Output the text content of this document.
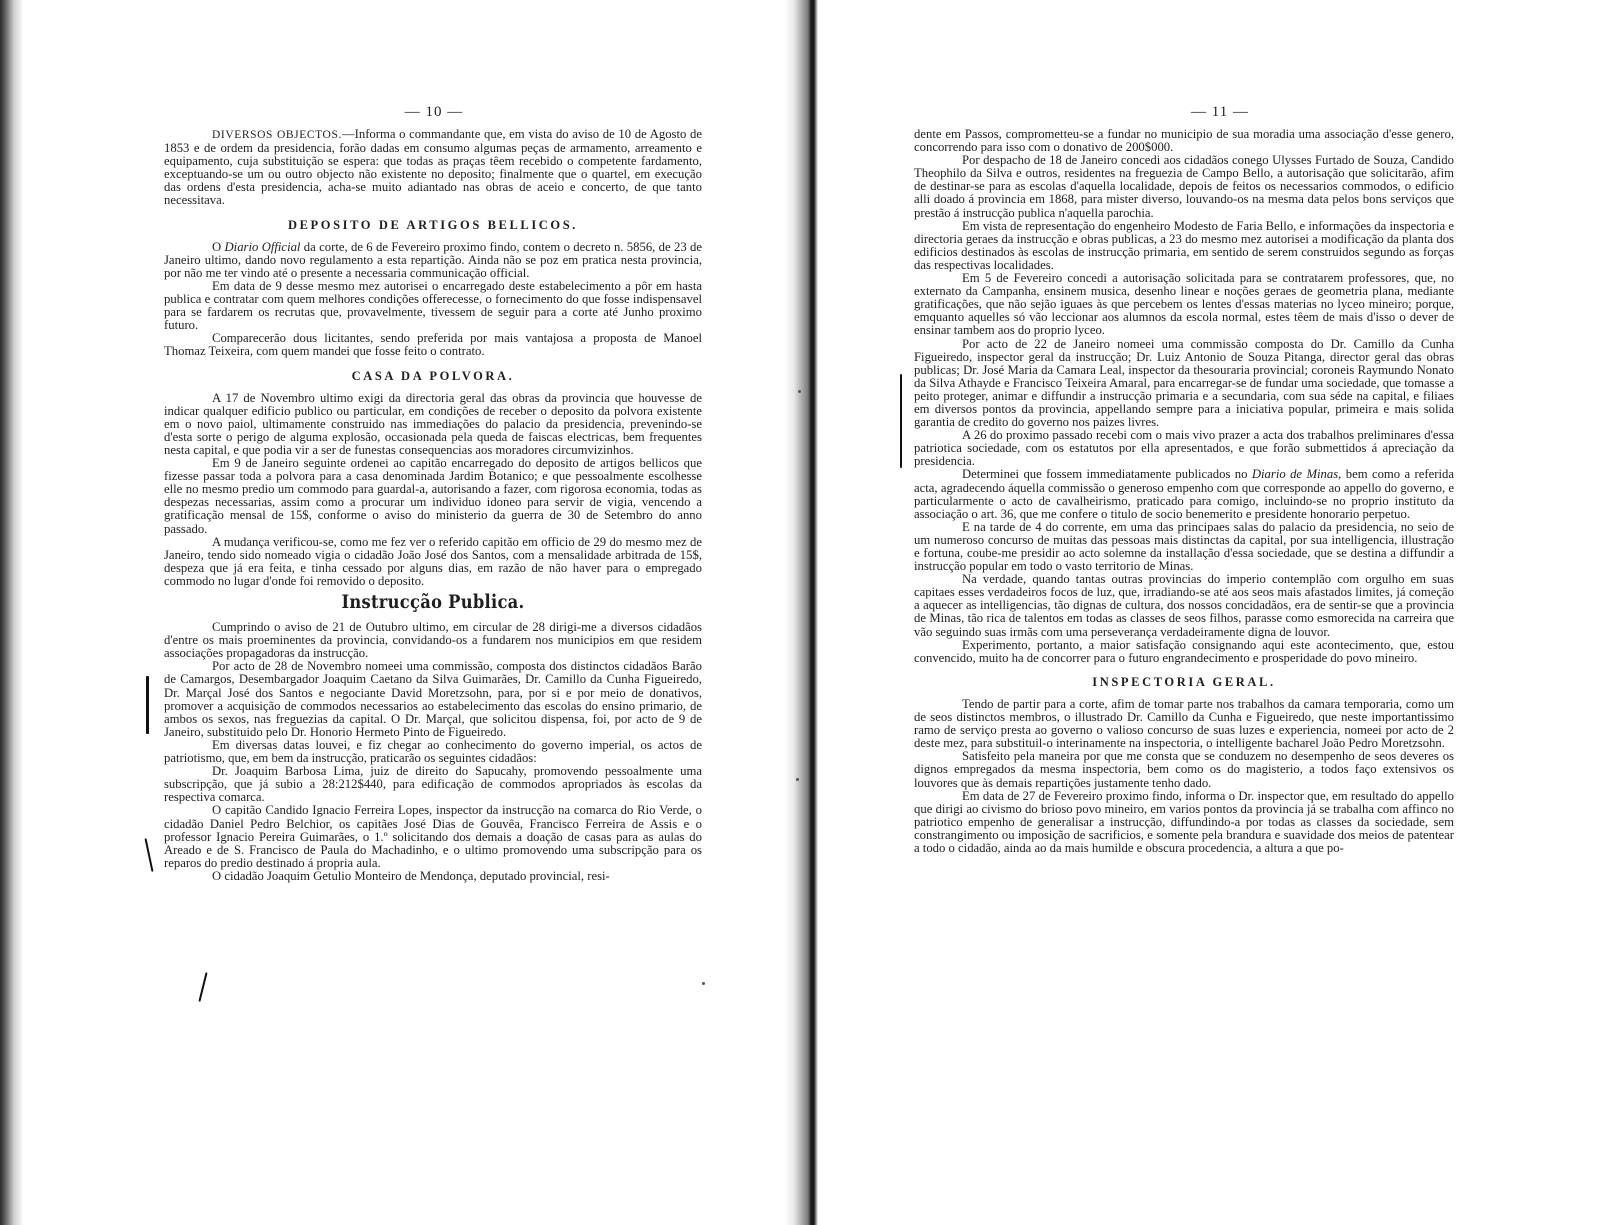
— 10 —

DIVERSOS OBJECTOS.—Informa o commandante que, em vista do aviso de 10 de Agosto de 1853 e de ordem da presidencia, forão dadas em consumo algumas peças de armamento, arreamento e equipamento, cuja substituição se espera: que todas as praças têem recebido o competente fardamento, exceptuando-se um ou outro objecto não existente no deposito; finalmente que o quartel, em execução das ordens d'esta presidencia, acha-se muito adiantado nas obras de aceio e concerto, de que tanto necessitava.

DEPOSITO DE ARTIGOS BELLICOS.

O Diario Official da corte, de 6 de Fevereiro proximo findo, contem o decreto n. 5856, de 23 de Janeiro ultimo, dando novo regulamento a esta repartição. Ainda não se poz em pratica nesta provincia, por não me ter vindo até o presente a necessaria communicação official.

Em data de 9 desse mesmo mez autorisei o encarregado deste estabelecimento a pôr em hasta publica e contratar com quem melhores condições offerecesse, o fornecimento do que fosse indispensavel para se fardarem os recrutas que, provavelmente, tivessem de seguir para a corte até Junho proximo futuro.

Comparecerão dous licitantes, sendo preferida por mais vantajosa a proposta de Manoel Thomaz Teixeira, com quem mandei que fosse feito o contrato.

CASA DA POLVORA.

A 17 de Novembro ultimo exigi da directoria geral das obras da provincia que houvesse de indicar qualquer edificio publico ou particular, em condições de receber o deposito da polvora existente em o novo paiol, ultimamente construido nas immediações do palacio da presidencia, prevenindo-se d'esta sorte o perigo de alguma explosão, occasionada pela queda de faiscas electricas, bem frequentes nesta capital, e que podia vir a ser de funestas consequencias aos moradores circumvizinhos.

Em 9 de Janeiro seguinte ordenei ao capitão encarregado do deposito de artigos bellicos que fizesse passar toda a polvora para a casa denominada Jardim Botanico; e que pessoalmente escolhesse elle no mesmo predio um commodo para guardal-a, autorisando a fazer, com rigorosa economia, todas as despezas necessarias, assim como a procurar um individuo idoneo para servir de vigia, vencendo a gratificação mensal de 15$, conforme o aviso do ministerio da guerra de 30 de Setembro do anno passado.

A mudança verificou-se, como me fez ver o referido capitão em officio de 29 do mesmo mez de Janeiro, tendo sido nomeado vigia o cidadão João José dos Santos, com a mensalidade arbitrada de 15$, despeza que já era feita, e tinha cessado por alguns dias, em razão de não haver para o empregado commodo no lugar d'onde foi removido o deposito.

Instrucção Publica.

Cumprindo o aviso de 21 de Outubro ultimo, em circular de 28 dirigi-me a diversos cidadãos d'entre os mais proeminentes da provincia, convidando-os a fundarem nos municipios em que residem associações propagadoras da instrucção.

Por acto de 28 de Novembro nomeei uma commissão, composta dos distinctos cidadãos Barão de Camargos, Desembargador Joaquim Caetano da Silva Guimarães, Dr. Camillo da Cunha Figueiredo, Dr. Marçal José dos Santos e negociante David Moretzsohn, para, por si e por meio de donativos, promover a acquisição de commodos necessarios ao estabelecimento das escolas do ensino primario, de ambos os sexos, nas freguezias da capital. O Dr. Marçal, que solicitou dispensa, foi, por acto de 9 de Janeiro, substituido pelo Dr. Honorio Hermeto Pinto de Figueiredo.

Em diversas datas louvei, e fiz chegar ao conhecimento do governo imperial, os actos de patriotismo, que, em bem da instrucção, praticarão os seguintes cidadãos:

Dr. Joaquim Barbosa Lima, juiz de direito do Sapucahy, promovendo pessoalmente uma subscripção, que já subio a 28:212$440, para edificação de commodos apropriados às escolas da respectiva comarca.

O capitão Candido Ignacio Ferreira Lopes, inspector da instrucção na comarca do Rio Verde, o cidadão Daniel Pedro Belchior, os capitães José Dias de Gouvêa, Francisco Ferreira de Assis e o professor Ignacio Pereira Guimarães, o 1.º solicitando dos demais a doação de casas para as aulas do Areado e de S. Francisco de Paula do Machadinho, e o ultimo promovendo uma subscripção para os reparos do predio destinado á propria aula.

O cidadão Joaquim Getulio Monteiro de Mendonça, deputado provincial, resi-

— 11 —

dente em Passos, comprometteu-se a fundar no municipio de sua moradia uma associação d'esse genero, concorrendo para isso com o donativo de 200$000.

Por despacho de 18 de Janeiro concedi aos cidadãos conego Ulysses Furtado de Souza, Candido Theophilo da Silva e outros, residentes na freguezia de Campo Bello, a autorisação que solicitarão, afim de destinar-se para as escolas d'aquella localidade, depois de feitos os necessarios commodos, o edificio alli doado á provincia em 1868, para mister diverso, louvando-os na mesma data pelos bons serviços que prestão á instrucção publica n'aquella parochia.

Em vista de representação do engenheiro Modesto de Faria Bello, e informações da inspectoria e directoria geraes da instrucção e obras publicas, a 23 do mesmo mez autorisei a modificação da planta dos edificios destinados às escolas de instrucção primaria, em sentido de serem construidos segundo as forças das respectivas localidades.

Em 5 de Fevereiro concedi a autorisação solicitada para se contratarem professores, que, no externato da Campanha, ensinem musica, desenho linear e noções geraes de geometria plana, mediante gratificações, que não sejão iguaes às que percebem os lentes d'essas materias no lyceo mineiro; porque, emquanto aquelles só vão leccionar aos alumnos da escola normal, estes têem de mais d'isso o dever de ensinar tambem aos do proprio lyceo.

Por acto de 22 de Janeiro nomeei uma commissão composta do Dr. Camillo da Cunha Figueiredo, inspector geral da instrucção; Dr. Luiz Antonio de Souza Pitanga, director geral das obras publicas; Dr. José Maria da Camara Leal, inspector da thesouraria provincial; coroneis Raymundo Nonato da Silva Athayde e Francisco Teixeira Amaral, para encarregar-se de fundar uma sociedade, que tomasse a peito proteger, animar e diffundir a instrucção primaria e a secundaria, com sua séde na capital, e filiaes em diversos pontos da provincia, appellando sempre para a iniciativa popular, primeira e mais solida garantia de credito do governo nos paizes livres.

A 26 do proximo passado recebi com o mais vivo prazer a acta dos trabalhos preliminares d'essa patriotica sociedade, com os estatutos por ella apresentados, e que forão submettidos á apreciação da presidencia.

Determinei que fossem immediatamente publicados no Diario de Minas, bem como a referida acta, agradecendo áquella commissão o generoso empenho com que corresponde ao appello do governo, e particularmente o acto de cavalheirismo, praticado para comigo, incluindo-se no proprio instituto da associação o art. 36, que me confere o titulo de socio benemerito e presidente honorario perpetuo.

E na tarde de 4 do corrente, em uma das principaes salas do palacio da presidencia, no seio de um numeroso concurso de muitas das pessoas mais distinctas da capital, por sua intelligencia, illustração e fortuna, coube-me presidir ao acto solemne da installação d'essa sociedade, que se destina a diffundir a instrucção popular em todo o vasto territorio de Minas.

Na verdade, quando tantas outras provincias do imperio contemplão com orgulho em suas capitaes esses verdadeiros focos de luz, que, irradiando-se até aos seos mais afastados limites, já começão a aquecer as intelligencias, tão dignas de cultura, dos nossos concidadãos, era de sentir-se que a provincia de Minas, tão rica de talentos em todas as classes de seos filhos, parasse como esmorecida na carreira que vão seguindo suas irmãs com uma perseverança verdadeiramente digna de louvor.

Experimento, portanto, a maior satisfação consignando aqui este acontecimento, que, estou convencido, muito ha de concorrer para o futuro engrandecimento e prosperidade do povo mineiro.

INSPECTORIA GERAL.

Tendo de partir para a corte, afim de tomar parte nos trabalhos da camara temporaria, como um de seos distinctos membros, o illustrado Dr. Camillo da Cunha e Figueiredo, que neste importantissimo ramo de serviço presta ao governo o valioso concurso de suas luzes e experiencia, nomeei por acto de 2 deste mez, para substituil-o interinamente na inspectoria, o intelligente bacharel João Pedro Moretzsohn.

Satisfeito pela maneira por que me consta que se conduzem no desempenho de seos deveres os dignos empregados da mesma inspectoria, bem como os do magisterio, a todos faço extensivos os louvores que às demais repartições justamente tenho dado.

Em data de 27 de Fevereiro proximo findo, informa o Dr. inspector que, em resultado do appello que dirigi ao civismo do brioso povo mineiro, em varios pontos da provincia já se trabalha com affinco no patriotico empenho de generalisar a instrucção, diffundindo-a por todas as classes da sociedade, sem constrangimento ou imposição de sacrificios, e somente pela brandura e suavidade dos meios de patentear a todo o cidadão, ainda ao da mais humilde e obscura procedencia, a altura a que po-
